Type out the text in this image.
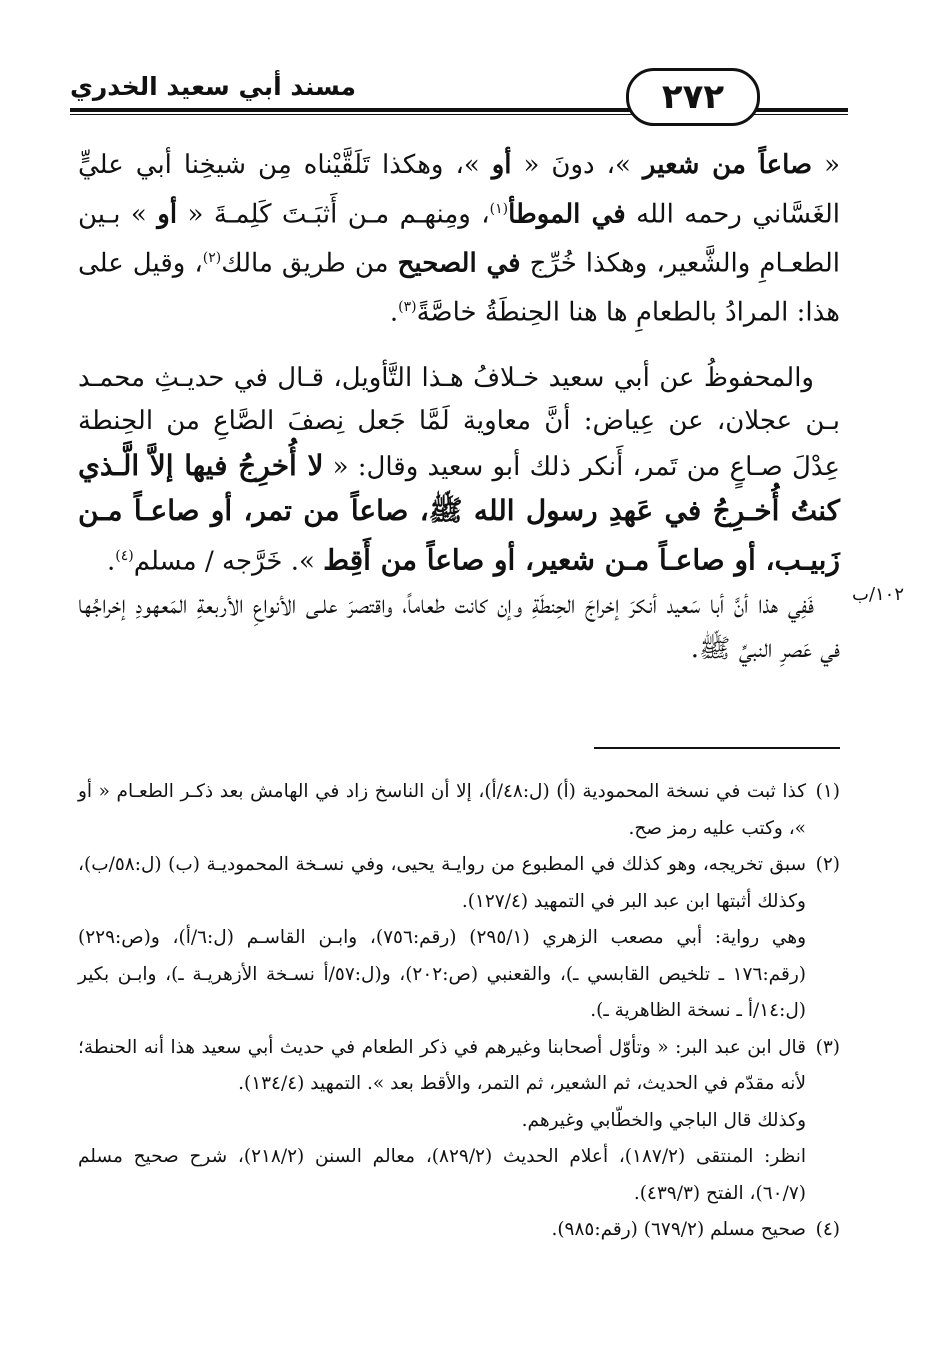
مسند أبي سعيد الخدري	٢٧٢
١٠٢/ب

« صاعاً من شعير »، دونَ « أو »، وهكذا تَلَقَّيْناه مِن شيخِنا أبي عليٍّ الغَسَّاني رحمه الله في الموطأ$^{(١)}$، ومِنهـم مـن أَثبَـتَ كَلِمـةَ « أو » بـين الطعـامِ والشَّعير، وهكذا خُرِّج في الصحيح من طريق مالك$^{(٢)}$، وقيل على هذا: المرادُ بالطعامِ ها هنا الحِنطَةُ خاصَّةً$^{(٣)}$.

 والمحفوظُ عن أبي سعيد خـلافُ هـذا التَّأويل، قـال في حديـثِ محمـد بـن عجلان، عن عِياض: أنَّ معاوية لَمَّا جَعل نِصفَ الصَّاعِ من الحِنطة عِدْلَ صـاعٍ من تَمر، أَنكر ذلك أبو سعيد وقال: « لا أُخرِجُ فيها إلاَّ الَّـذي كنتُ أُخـرِجُ في عَهدِ رسول الله ﷺ، صاعاً من تمر، أو صاعـاً مـن زَبيـب، أو صاعـاً مـن شعير، أو صاعاً من أَقِط ». خَرَّجه / مسلم$^{(٤)}$.

 فَفِي هذا أنَّ أبا سَعيد أنكرَ إخراجَ الحِنطَةِ وإن كانت طعاماً، واقتصرَ علـى الأنواعِ الأربعةِ المَعهودِ إخراجُها في عَصرِ النبيِّ ﷺ.

(١)
كذا ثبت في نسخة المحمودية (أ) (ل:٤٨/أ)، إلا أن الناسخ زاد في الهامش بعد ذكـر الطعـام « أو »، وكتب عليه رمز صح.

(٢)
سبق تخريجه، وهو كذلك في المطبوع من روايـة يحيى، وفي نسـخة المحموديـة (ب) (ل:٥٨/ب)، وكذلك أثبتها ابن عبد البر في التمهيد (١٢٧/٤).

وهي رواية: أبي مصعب الزهري (٢٩٥/١) (رقم:٧٥٦)، وابـن القاسـم (ل:٦/أ)، و(ص:٢٢٩) (رقم:١٧٦ ـ تلخيص القابسي ـ)، والقعنبي (ص:٢٠٢)، و(ل:٥٧/أ نسـخة الأزهريـة ـ)، وابـن بكير (ل:١٤/أ ـ نسخة الظاهرية ـ).

(٣)
قال ابن عبد البر: « وتأوّل أصحابنا وغيرهم في ذكر الطعام في حديث أبي سعيد هذا أنه الحنطة؛ لأنه مقدّم في الحديث، ثم الشعير، ثم التمر، والأقط بعد ». التمهيد (١٣٤/٤).

وكذلك قال الباجي والخطّابي وغيرهم.

انظر: المنتقى (١٨٧/٢)، أعلام الحديث (٨٢٩/٢)، معالم السنن (٢١٨/٢)، شرح صحيح مسلم (٦٠/٧)، الفتح (٤٣٩/٣).

(٤)
صحيح مسلم (٦٧٩/٢) (رقم:٩٨٥).
